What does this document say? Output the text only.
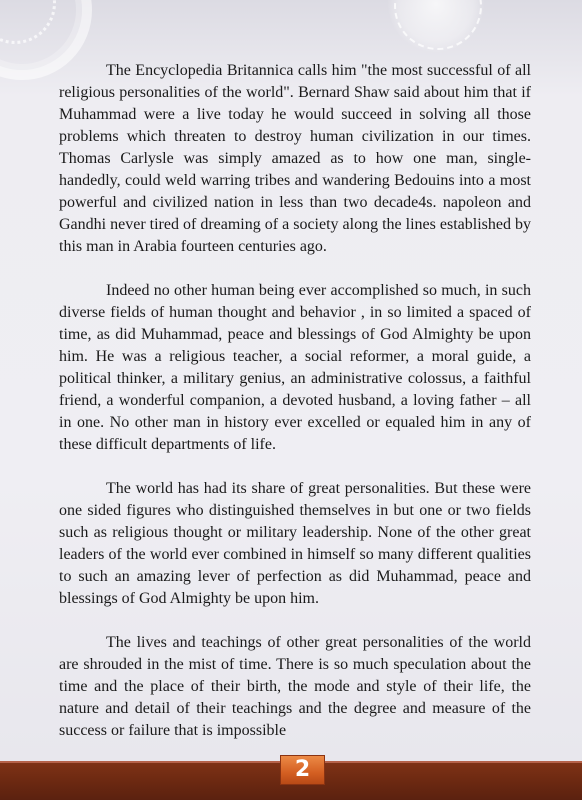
The Encyclopedia Britannica calls him "the most successful of all religious personalities of the world". Bernard Shaw said about him that if Muhammad were a live today he would succeed in solving all those problems which threaten to destroy human civilization in our times. Thomas Carlysle was simply amazed as to how one man, single-handedly, could weld warring tribes and wandering Bedouins into a most powerful and civilized nation in less than two decade4s. napoleon and Gandhi never tired of dreaming of a society along the lines established by this man in Arabia fourteen centuries ago.

Indeed no other human being ever accomplished so much, in such diverse fields of human thought and behavior , in so limited a spaced of time, as did Muhammad, peace and blessings of God Almighty be upon him. He was a religious teacher, a social reformer, a moral guide, a political thinker, a military genius, an administrative colossus, a faithful friend, a wonderful companion, a devoted husband, a loving father – all in one. No other man in history ever excelled or equaled him in any of these difficult departments of life.

The world has had its share of great personalities. But these were one sided figures who distinguished themselves in but one or two fields such as religious thought or military leadership. None of the other great leaders of the world ever combined in himself so many different qualities to such an amazing lever of perfection as did Muhammad, peace and blessings of God Almighty be upon him.

The lives and teachings of other great personalities of the world are shrouded in the mist of time. There is so much speculation about the time and the place of their birth, the mode and style of their life, the nature and detail of their teachings and the degree and measure of the success or failure that is impossible

2
